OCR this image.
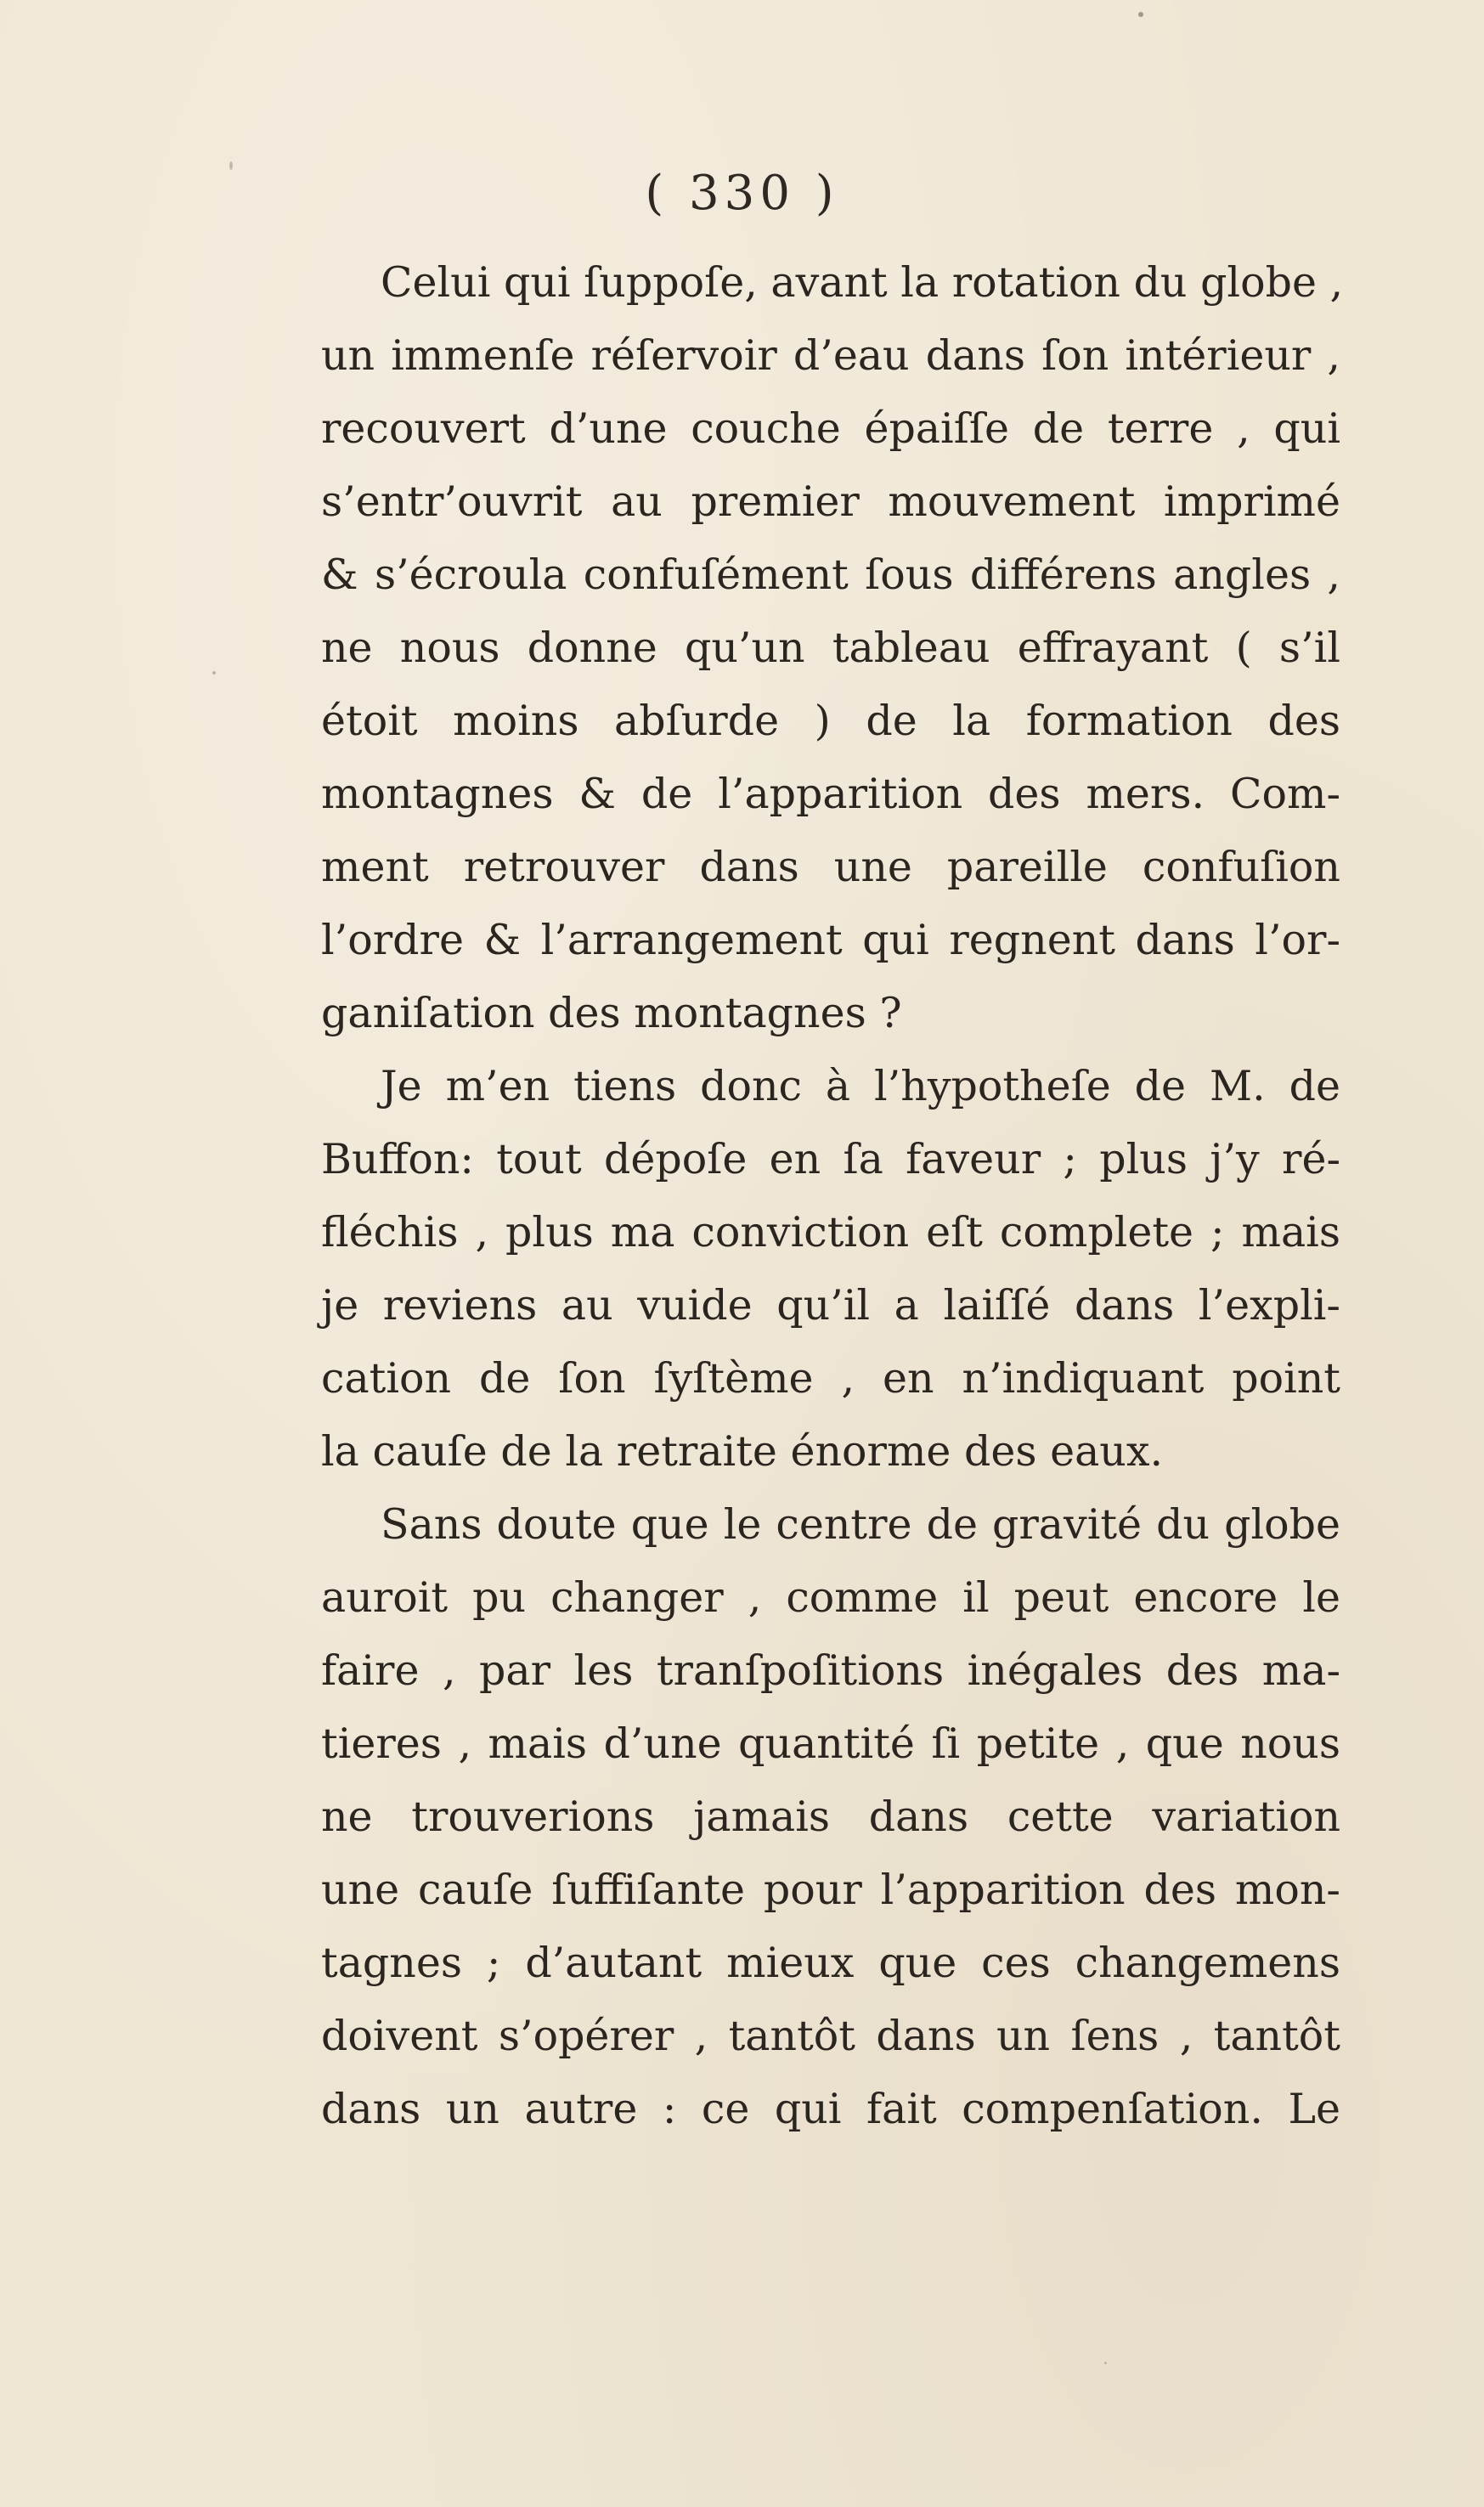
( 330 )
Celui qui ſuppoſe, avant la rotation du globe ,
un immenſe réſervoir d’eau dans ſon intérieur ,
recouvert d’une couche épaiſſe de terre , qui
s’entr’ouvrit au premier mouvement imprimé
& s’écroula confuſément ſous différens angles ,
ne nous donne qu’un tableau effrayant ( s’il
étoit moins abſurde ) de la formation des
montagnes & de l’apparition des mers. Com-
ment retrouver dans une pareille confuſion
l’ordre & l’arrangement qui regnent dans l’or-
ganiſation des montagnes ?
Je m’en tiens donc à l’hypotheſe de M. de
Buffon: tout dépoſe en ſa faveur ; plus j’y ré-
fléchis , plus ma conviction eſt complete ; mais
je reviens au vuide qu’il a laiſſé dans l’expli-
cation de ſon ſyſtème , en n’indiquant point
la cauſe de la retraite énorme des eaux.
Sans doute que le centre de gravité du globe
auroit pu changer , comme il peut encore le
faire , par les tranſpoſitions inégales des ma-
tieres , mais d’une quantité ſi petite , que nous
ne trouverions jamais dans cette variation
une cauſe ſuffiſante pour l’apparition des mon-
tagnes ; d’autant mieux que ces changemens
doivent s’opérer , tantôt dans un ſens , tantôt
dans un autre : ce qui fait compenſation. Le
